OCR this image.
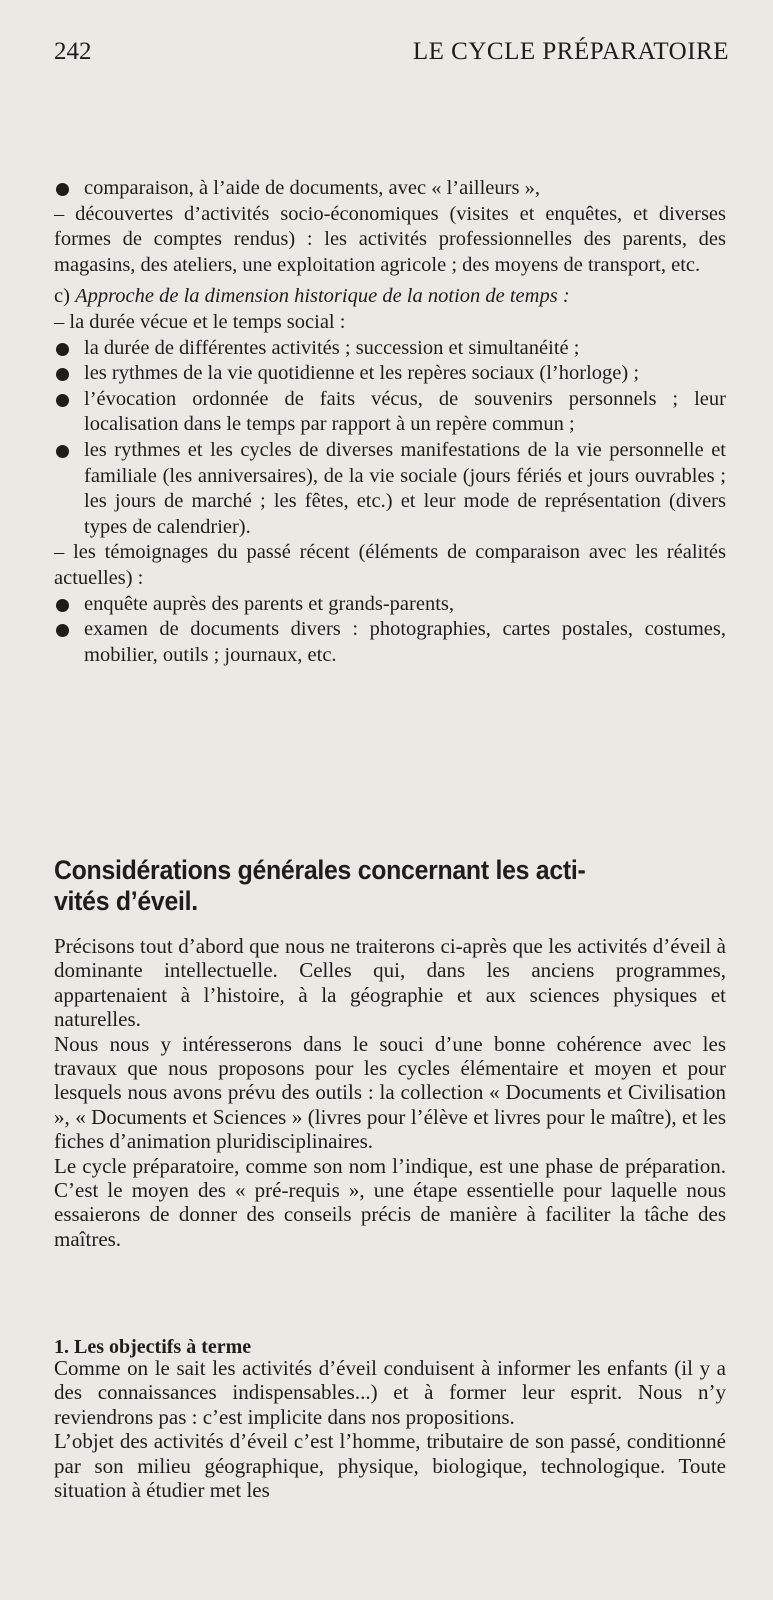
242	LE CYCLE PRÉPARATOIRE

comparaison, à l’aide de documents, avec « l’ailleurs »,

– découvertes d’activités socio-économiques (visites et enquêtes, et diverses formes de comptes rendus) : les activités professionnelles des parents, des magasins, des ateliers, une exploitation agricole ; des moyens de transport, etc.

c) Approche de la dimension historique de la notion de temps :

– la durée vécue et le temps social :

la durée de différentes activités ; succession et simultanéité ;

les rythmes de la vie quotidienne et les repères sociaux (l’horloge) ;

l’évocation ordonnée de faits vécus, de souvenirs personnels ; leur localisation dans le temps par rapport à un repère commun ;

les rythmes et les cycles de diverses manifestations de la vie personnelle et familiale (les anniversaires), de la vie sociale (jours fériés et jours ouvrables ; les jours de marché ; les fêtes, etc.) et leur mode de représentation (divers types de calendrier).

– les témoignages du passé récent (éléments de comparaison avec les réalités actuelles) :

enquête auprès des parents et grands-parents,

examen de documents divers : photographies, cartes postales, costumes, mobilier, outils ; journaux, etc.

Considérations générales concernant les acti-
vités d’éveil.

Précisons tout d’abord que nous ne traiterons ci-après que les activités d’éveil à dominante intellectuelle. Celles qui, dans les anciens programmes, appartenaient à l’histoire, à la géographie et aux sciences physiques et naturelles.

Nous nous y intéresserons dans le souci d’une bonne cohérence avec les travaux que nous proposons pour les cycles élémentaire et moyen et pour lesquels nous avons prévu des outils : la collection « Documents et Civilisation », « Documents et Sciences » (livres pour l’élève et livres pour le maître), et les fiches d’animation pluridisciplinaires.

Le cycle préparatoire, comme son nom l’indique, est une phase de préparation. C’est le moyen des « pré-requis », une étape essentielle pour laquelle nous essaierons de donner des conseils précis de manière à faciliter la tâche des maîtres.

1. Les objectifs à terme

Comme on le sait les activités d’éveil conduisent à informer les enfants (il y a des connaissances indispensables...) et à former leur esprit. Nous n’y reviendrons pas : c’est implicite dans nos propositions.

L’objet des activités d’éveil c’est l’homme, tributaire de son passé, conditionné par son milieu géographique, physique, biologique, technologique. Toute situation à étudier met les
